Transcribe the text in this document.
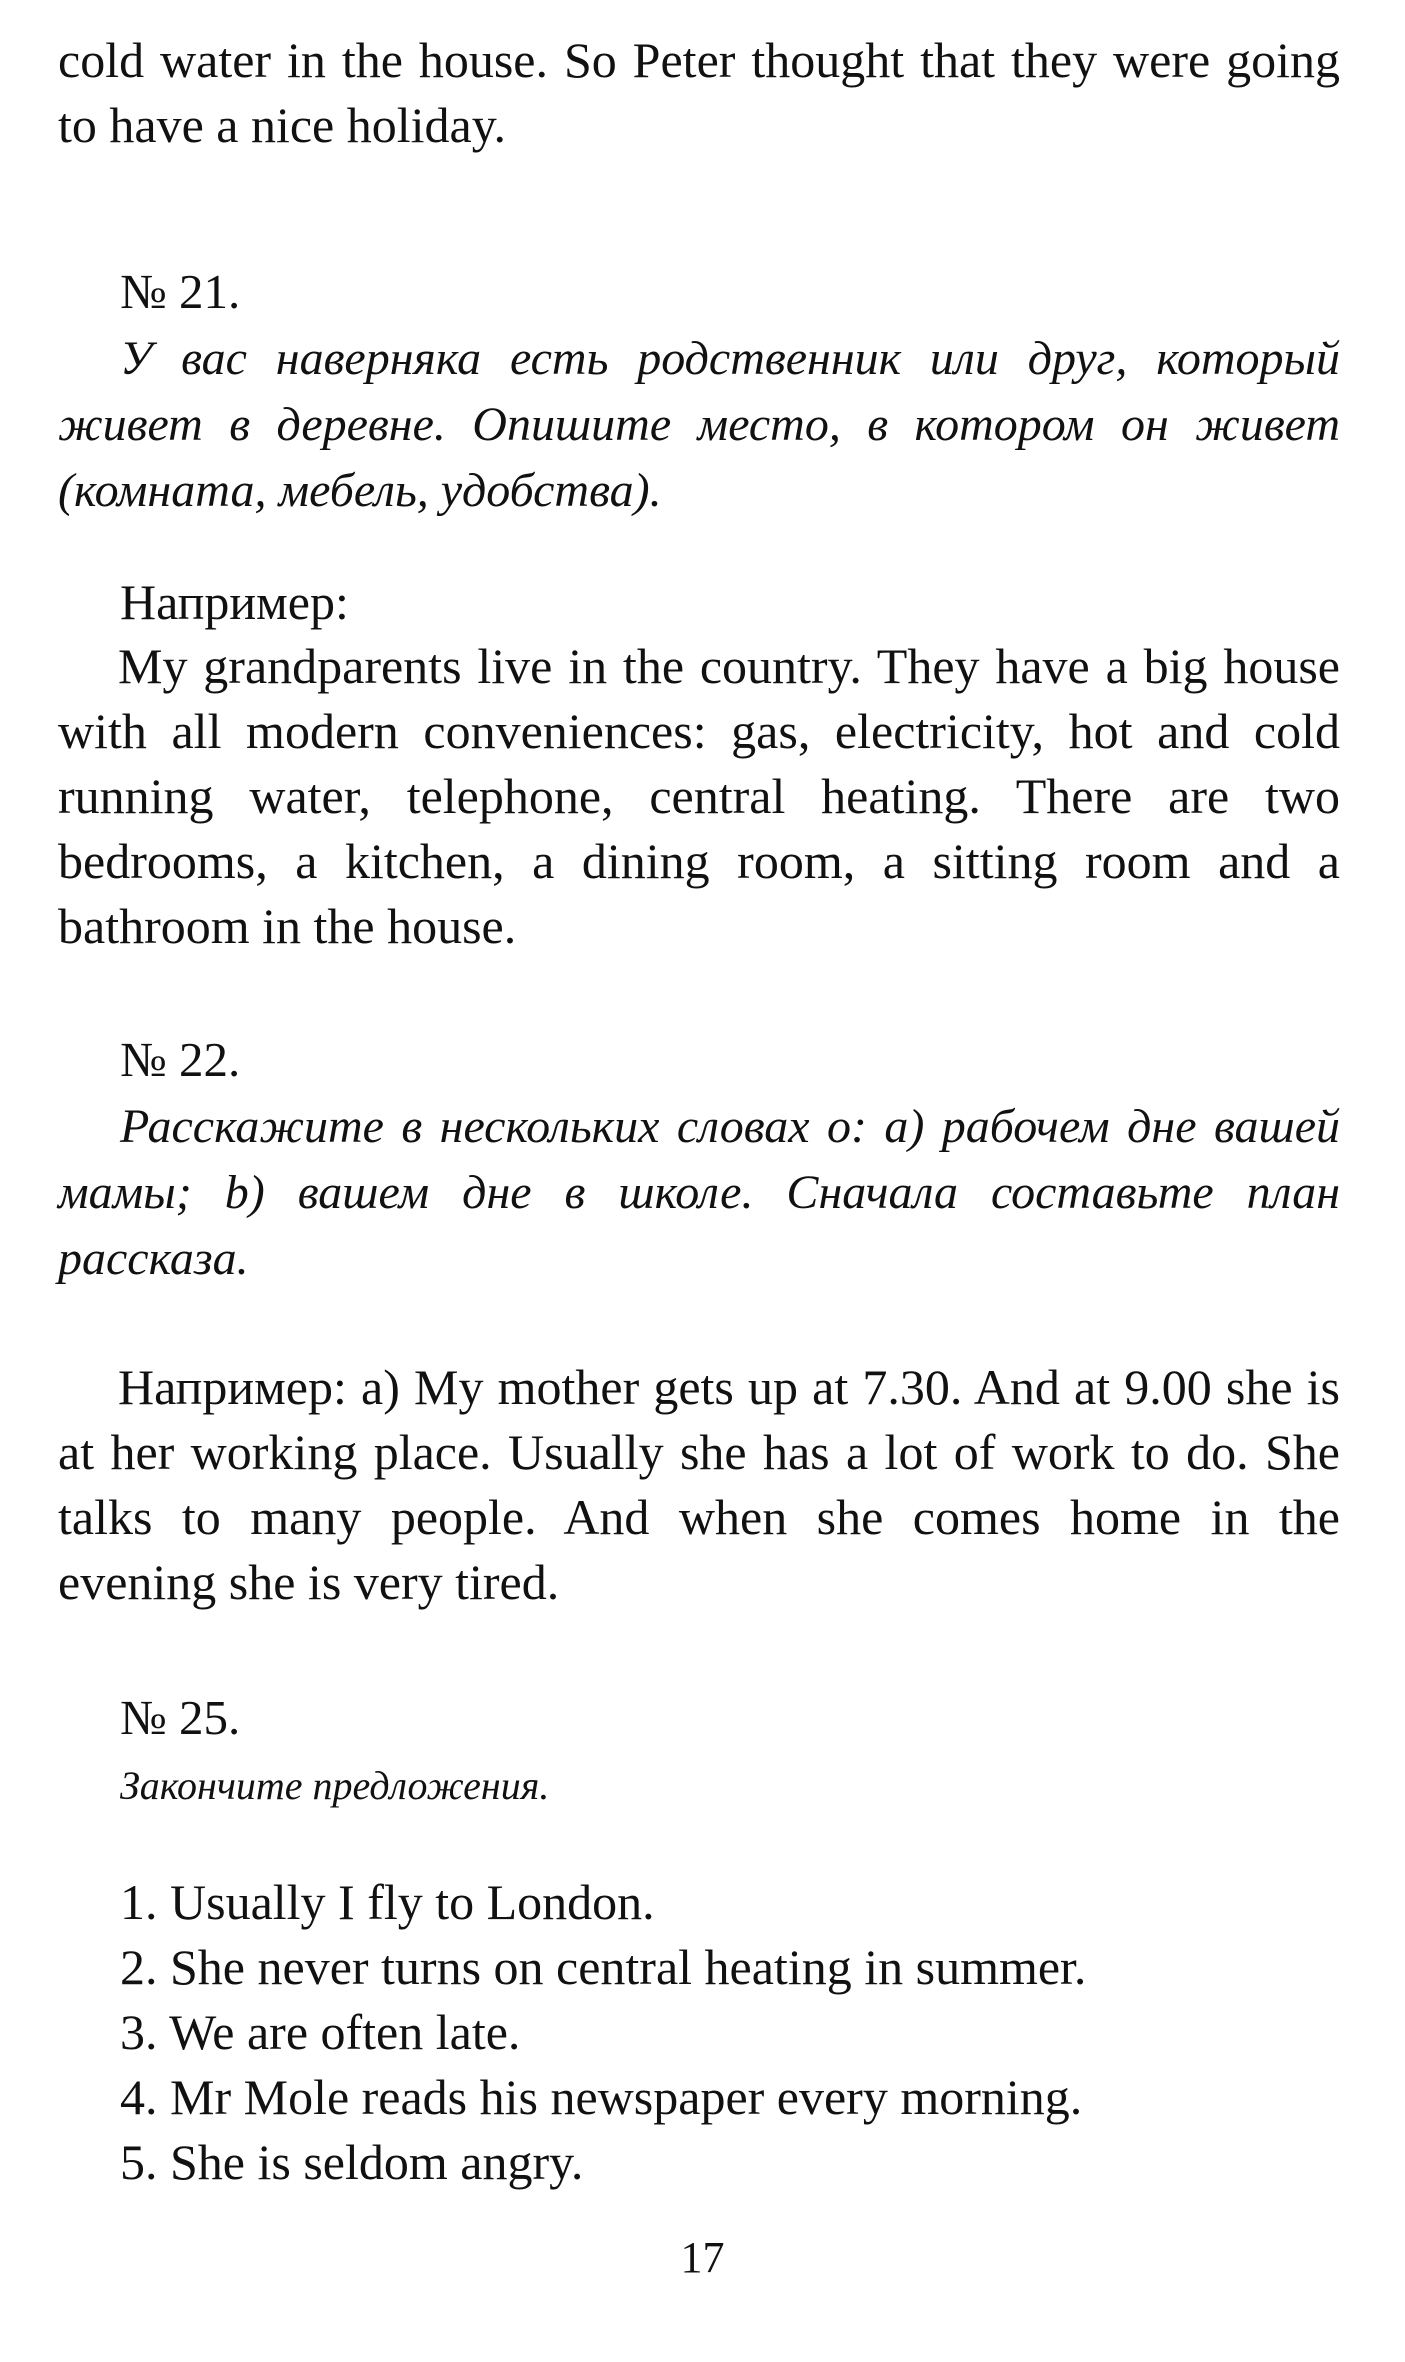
cold water in the house. So Peter thought that they were going to have a nice holiday.

№ 21.

У вас наверняка есть родственник или друг, который живет в деревне. Опишите место, в котором он живет (комната, мебель, удобства).

Например:

My grandparents live in the country. They have a big house with all modern conveniences: gas, electricity, hot and cold running water, telephone, central heating. There are two bedrooms, a kitchen, a dining room, a sitting room and a bathroom in the house.

№ 22.

Расскажите в нескольких словах о: а) рабочем дне вашей мамы; b) вашем дне в школе. Сначала составьте план рассказа.

Например: a) My mother gets up at 7.30. And at 9.00 she is at her working place. Usually she has a lot of work to do. She talks to many people. And when she comes home in the evening she is very tired.

№ 25.

Закончите предложения.

1. Usually I fly to London.
2. She never turns on central heating in summer.
3. We are often late.
4. Mr Mole reads his newspaper every morning.
5. She is seldom angry.
17
